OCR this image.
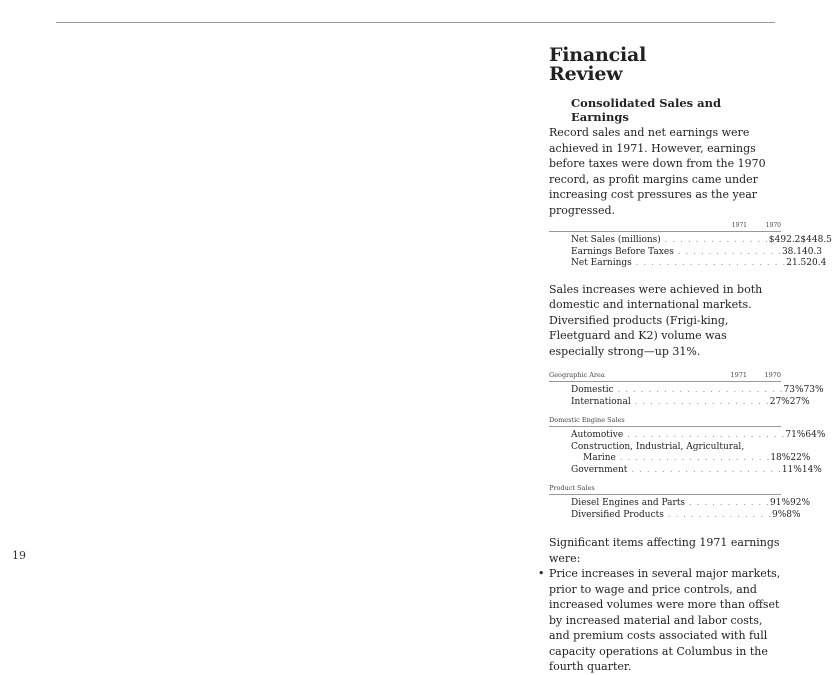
19
Financial
Review
Consolidated Sales and Earnings

Record sales and net earnings were achieved in 1971. However, earnings before taxes were down from the 1970 record, as profit margins came under increasing cost pressures as the year progressed.

1971	1970
Net Sales (millions) . . . . . . . . . . . . . . $492.2 $448.5
Earnings Before Taxes . . . . . . . . . . . . . . 38.1 40.3
Net Earnings . . . . . . . . . . . . . . . . . . . . 21.5 20.4

Sales increases were achieved in both domestic and international markets. Diversified products (Frigi-king, Fleetguard and K2) volume was especially strong—up 31%.

Geographic Area	1971	1970
Domestic . . . . . . . . . . . . . . . . . . . . . . 73% 73%
International . . . . . . . . . . . . . . . . . . 27% 27%
Domestic Engine Sales
Automotive . . . . . . . . . . . . . . . . . . . . . 71% 64%
Construction, Industrial, Agricultural,
Marine . . . . . . . . . . . . . . . . . . . . 18% 22%
Government . . . . . . . . . . . . . . . . . . . . 11% 14%
Product Sales
Diesel Engines and Parts . . . . . . . . . . . 91% 92%
Diversified Products . . . . . . . . . . . . . . 9% 8%

Significant items affecting 1971 earnings were:

• Price increases in several major markets, prior to wage and price controls, and increased volumes were more than offset by increased material and labor costs, and premium costs associated with full capacity operations at Columbus in the fourth quarter.
